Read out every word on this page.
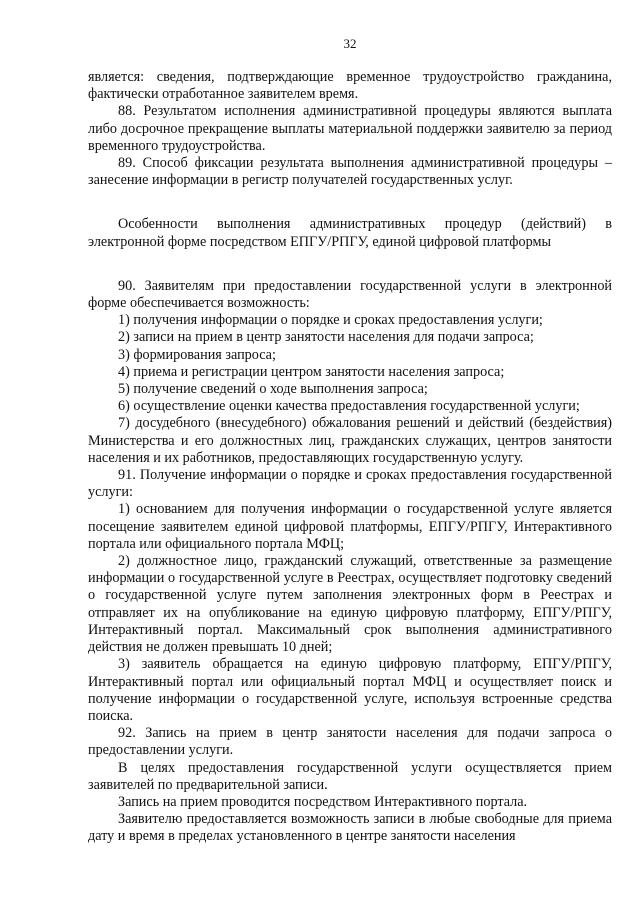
32

является: сведения, подтверждающие временное трудоустройство гражданина, фактически отработанное заявителем время.

88. Результатом исполнения административной процедуры являются выплата либо досрочное прекращение выплаты материальной поддержки заявителю за период временного трудоустройства.

89. Способ фиксации результата выполнения административной процедуры – занесение информации в регистр получателей государственных услуг.

Особенности выполнения административных процедур (действий) в электронной форме посредством ЕПГУ/РПГУ, единой цифровой платформы

90. Заявителям при предоставлении государственной услуги в электронной форме обеспечивается возможность:

1) получения информации о порядке и сроках предоставления услуги;

2) записи на прием в центр занятости населения для подачи запроса;

3) формирования запроса;

4) приема и регистрации центром занятости населения запроса;

5) получение сведений о ходе выполнения запроса;

6) осуществление оценки качества предоставления государственной услуги;

7) досудебного (внесудебного) обжалования решений и действий (бездействия) Министерства и его должностных лиц, гражданских служащих, центров занятости населения и их работников, предоставляющих государственную услугу.

91. Получение информации о порядке и сроках предоставления государственной услуги:

1) основанием для получения информации о государственной услуге является посещение заявителем единой цифровой платформы, ЕПГУ/РПГУ, Интерактивного портала или официального портала МФЦ;

2) должностное лицо, гражданский служащий, ответственные за размещение информации о государственной услуге в Реестрах, осуществляет подготовку сведений о государственной услуге путем заполнения электронных форм в Реестрах и отправляет их на опубликование на единую цифровую платформу, ЕПГУ/РПГУ, Интерактивный портал. Максимальный срок выполнения административного действия не должен превышать 10 дней;

3) заявитель обращается на единую цифровую платформу, ЕПГУ/РПГУ, Интерактивный портал или официальный портал МФЦ и осуществляет поиск и получение информации о государственной услуге, используя встроенные средства поиска.

92. Запись на прием в центр занятости населения для подачи запроса о предоставлении услуги.

В целях предоставления государственной услуги осуществляется прием заявителей по предварительной записи.

Запись на прием проводится посредством Интерактивного портала.

Заявителю предоставляется возможность записи в любые свободные для приема дату и время в пределах установленного в центре занятости населения
